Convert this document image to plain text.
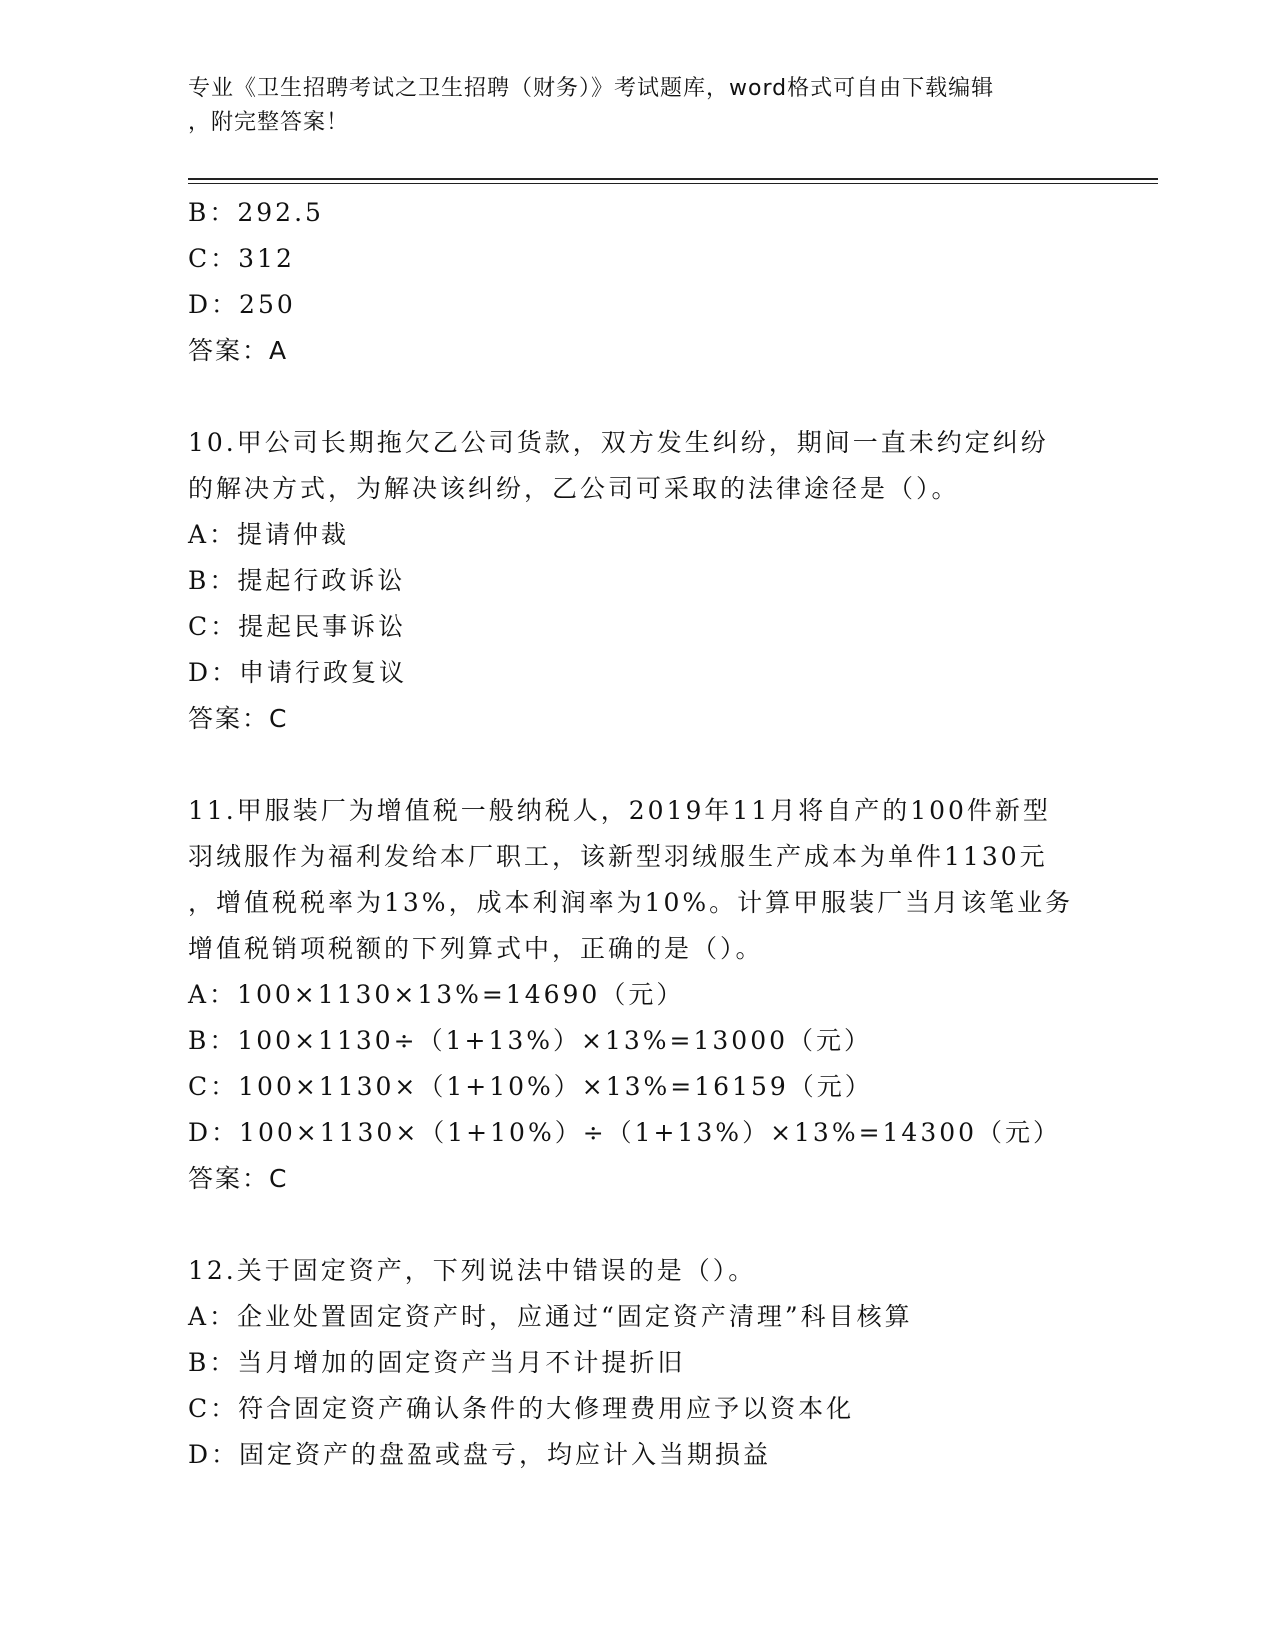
专业《卫生招聘考试之卫生招聘（财务）》考试题库，word格式可自由下载编辑
，附完整答案！
B：292.5
C：312
D：250
答案：A
10.甲公司长期拖欠乙公司货款，双方发生纠纷，期间一直未约定纠纷
的解决方式，为解决该纠纷，乙公司可采取的法律途径是（）。
A：提请仲裁
B：提起行政诉讼
C：提起民事诉讼
D：申请行政复议
答案：C
11.甲服装厂为增值税一般纳税人，2019年11月将自产的100件新型
羽绒服作为福利发给本厂职工，该新型羽绒服生产成本为单件1130元
，增值税税率为13%，成本利润率为10%。计算甲服装厂当月该笔业务
增值税销项税额的下列算式中，正确的是（）。
A：100×1130×13%=14690（元）
B：100×1130÷（1+13%）×13%=13000（元）
C：100×1130×（1+10%）×13%=16159（元）
D：100×1130×（1+10%）÷（1+13%）×13%=14300（元）
答案：C
12.关于固定资产，下列说法中错误的是（）。
A：企业处置固定资产时，应通过“固定资产清理”科目核算
B：当月增加的固定资产当月不计提折旧
C：符合固定资产确认条件的大修理费用应予以资本化
D：固定资产的盘盈或盘亏，均应计入当期损益
